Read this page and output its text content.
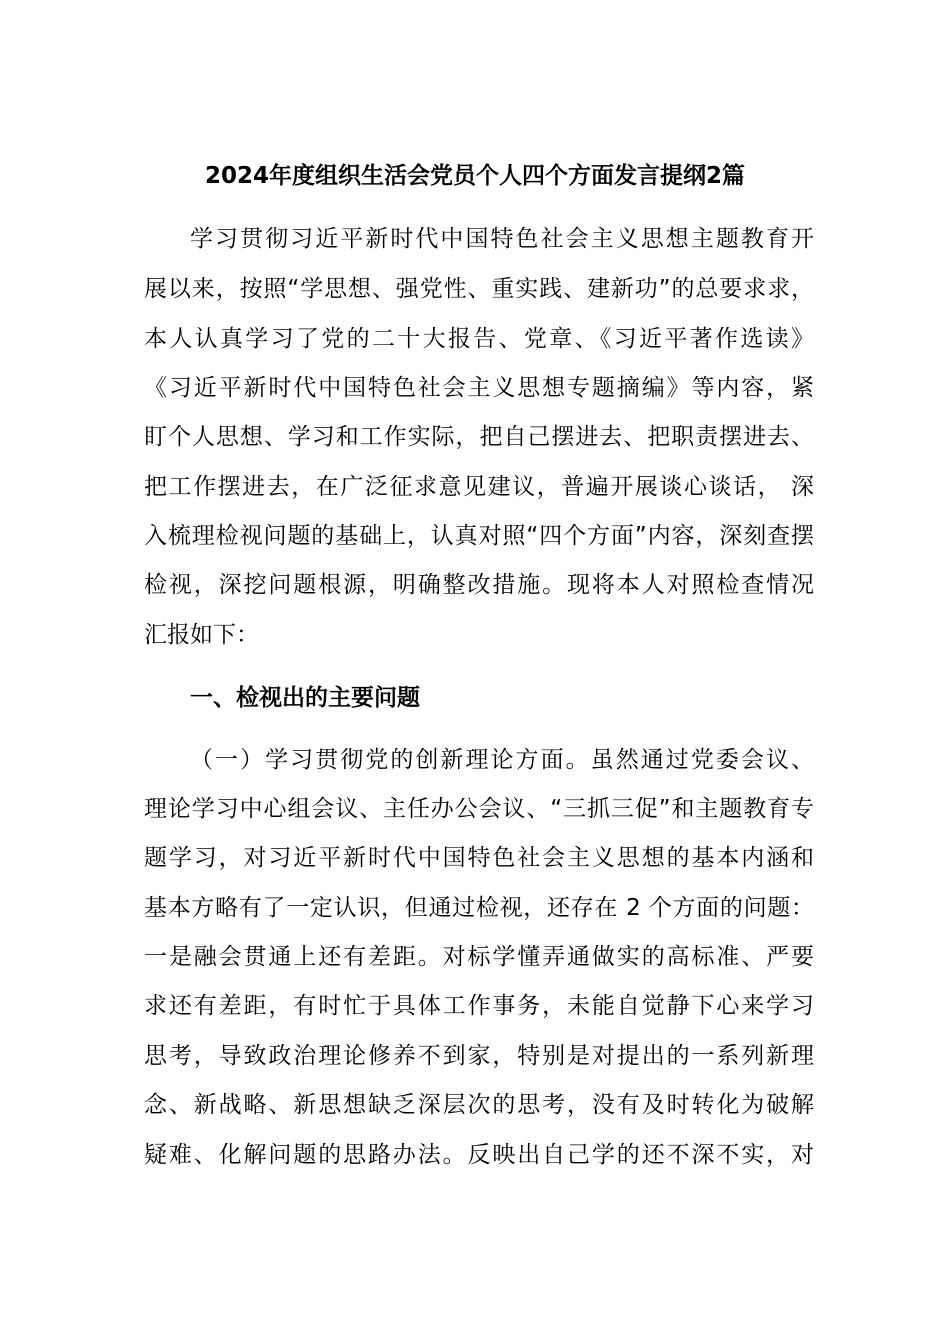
2024年度组织生活会党员个人四个方面发言提纲2篇

学习贯彻习近平新时代中国特色社会主义思想主题教育开

展以来，按照“学思想、强党性、重实践、建新功”的总要求求，

本人认真学习了党的二十大报告、党章、《习近平著作选读》

《习近平新时代中国特色社会主义思想专题摘编》等内容，紧

盯个人思想、学习和工作实际，把自己摆进去、把职责摆进去、

把工作摆进去，在广泛征求意见建议，普遍开展谈心谈话， 深

入梳理检视问题的基础上，认真对照“四个方面”内容，深刻查摆

检视，深挖问题根源，明确整改措施。现将本人对照检查情况

汇报如下：

一、检视出的主要问题

（一）学习贯彻党的创新理论方面。虽然通过党委会议、

理论学习中心组会议、主任办公会议、“三抓三促”和主题教育专

题学习，对习近平新时代中国特色社会主义思想的基本内涵和

基本方略有了一定认识，但通过检视，还存在 2 个方面的问题：

一是融会贯通上还有差距。对标学懂弄通做实的高标准、严要

求还有差距，有时忙于具体工作事务，未能自觉静下心来学习

思考，导致政治理论修养不到家，特别是对提出的一系列新理

念、新战略、新思想缺乏深层次的思考，没有及时转化为破解

疑难、化解问题的思路办法。反映出自己学的还不深不实，对
